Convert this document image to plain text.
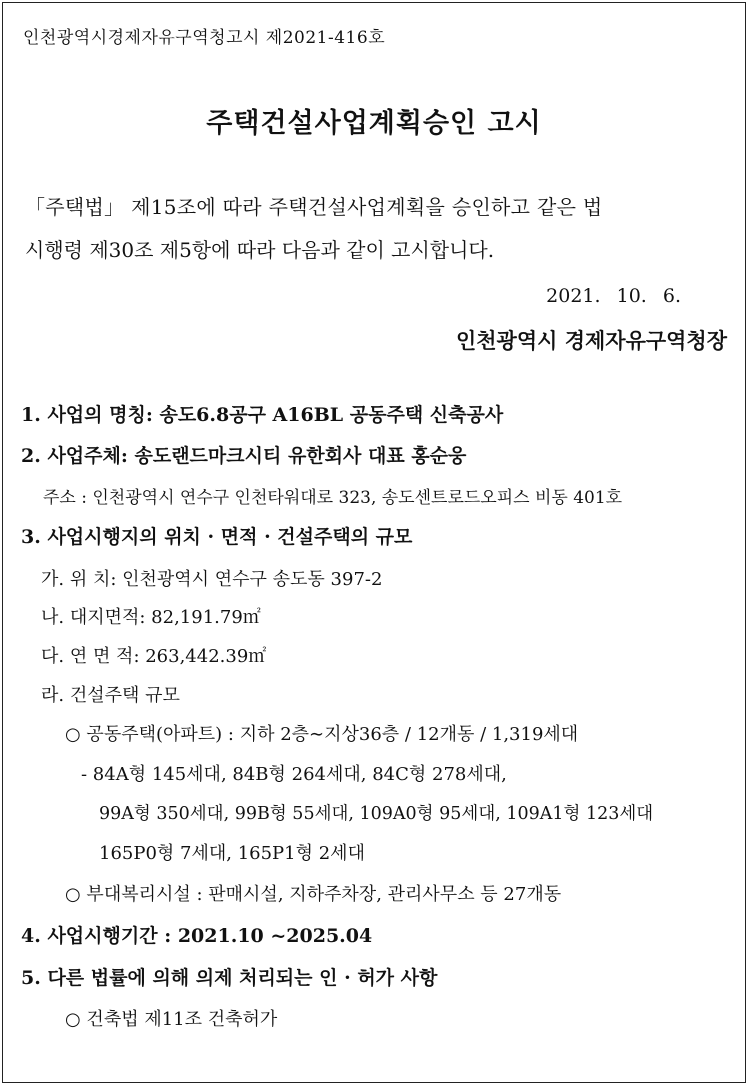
인천광역시경제자유구역청고시 제2021-416호
주택건설사업계획승인 고시
「주택법」 제15조에 따라 주택건설사업계획을 승인하고 같은 법
시행령 제30조 제5항에 따라 다음과 같이 고시합니다.
2021. 10. 6.
인천광역시 경제자유구역청장
1. 사업의 명칭: 송도6.8공구 A16BL 공동주택 신축공사
2. 사업주체: 송도랜드마크시티 유한회사 대표 홍순웅
주소 : 인천광역시 연수구 인천타워대로 323, 송도센트로드오피스 비동 401호
3. 사업시행지의 위치 · 면적 · 건설주택의 규모
가. 위 치: 인천광역시 연수구 송도동 397-2
나. 대지면적: 82,191.79㎡
다. 연 면 적: 263,442.39㎡
라. 건설주택 규모
○ 공동주택(아파트) : 지하 2층∼지상36층 / 12개동 / 1,319세대
- 84A형 145세대, 84B형 264세대, 84C형 278세대,
99A형 350세대, 99B형 55세대, 109A0형 95세대, 109A1형 123세대
165P0형 7세대, 165P1형 2세대
○ 부대복리시설 : 판매시설, 지하주차장, 관리사무소 등 27개동
4. 사업시행기간 : 2021.10 ~2025.04
5. 다른 법률에 의해 의제 처리되는 인 · 허가 사항
○ 건축법 제11조 건축허가
